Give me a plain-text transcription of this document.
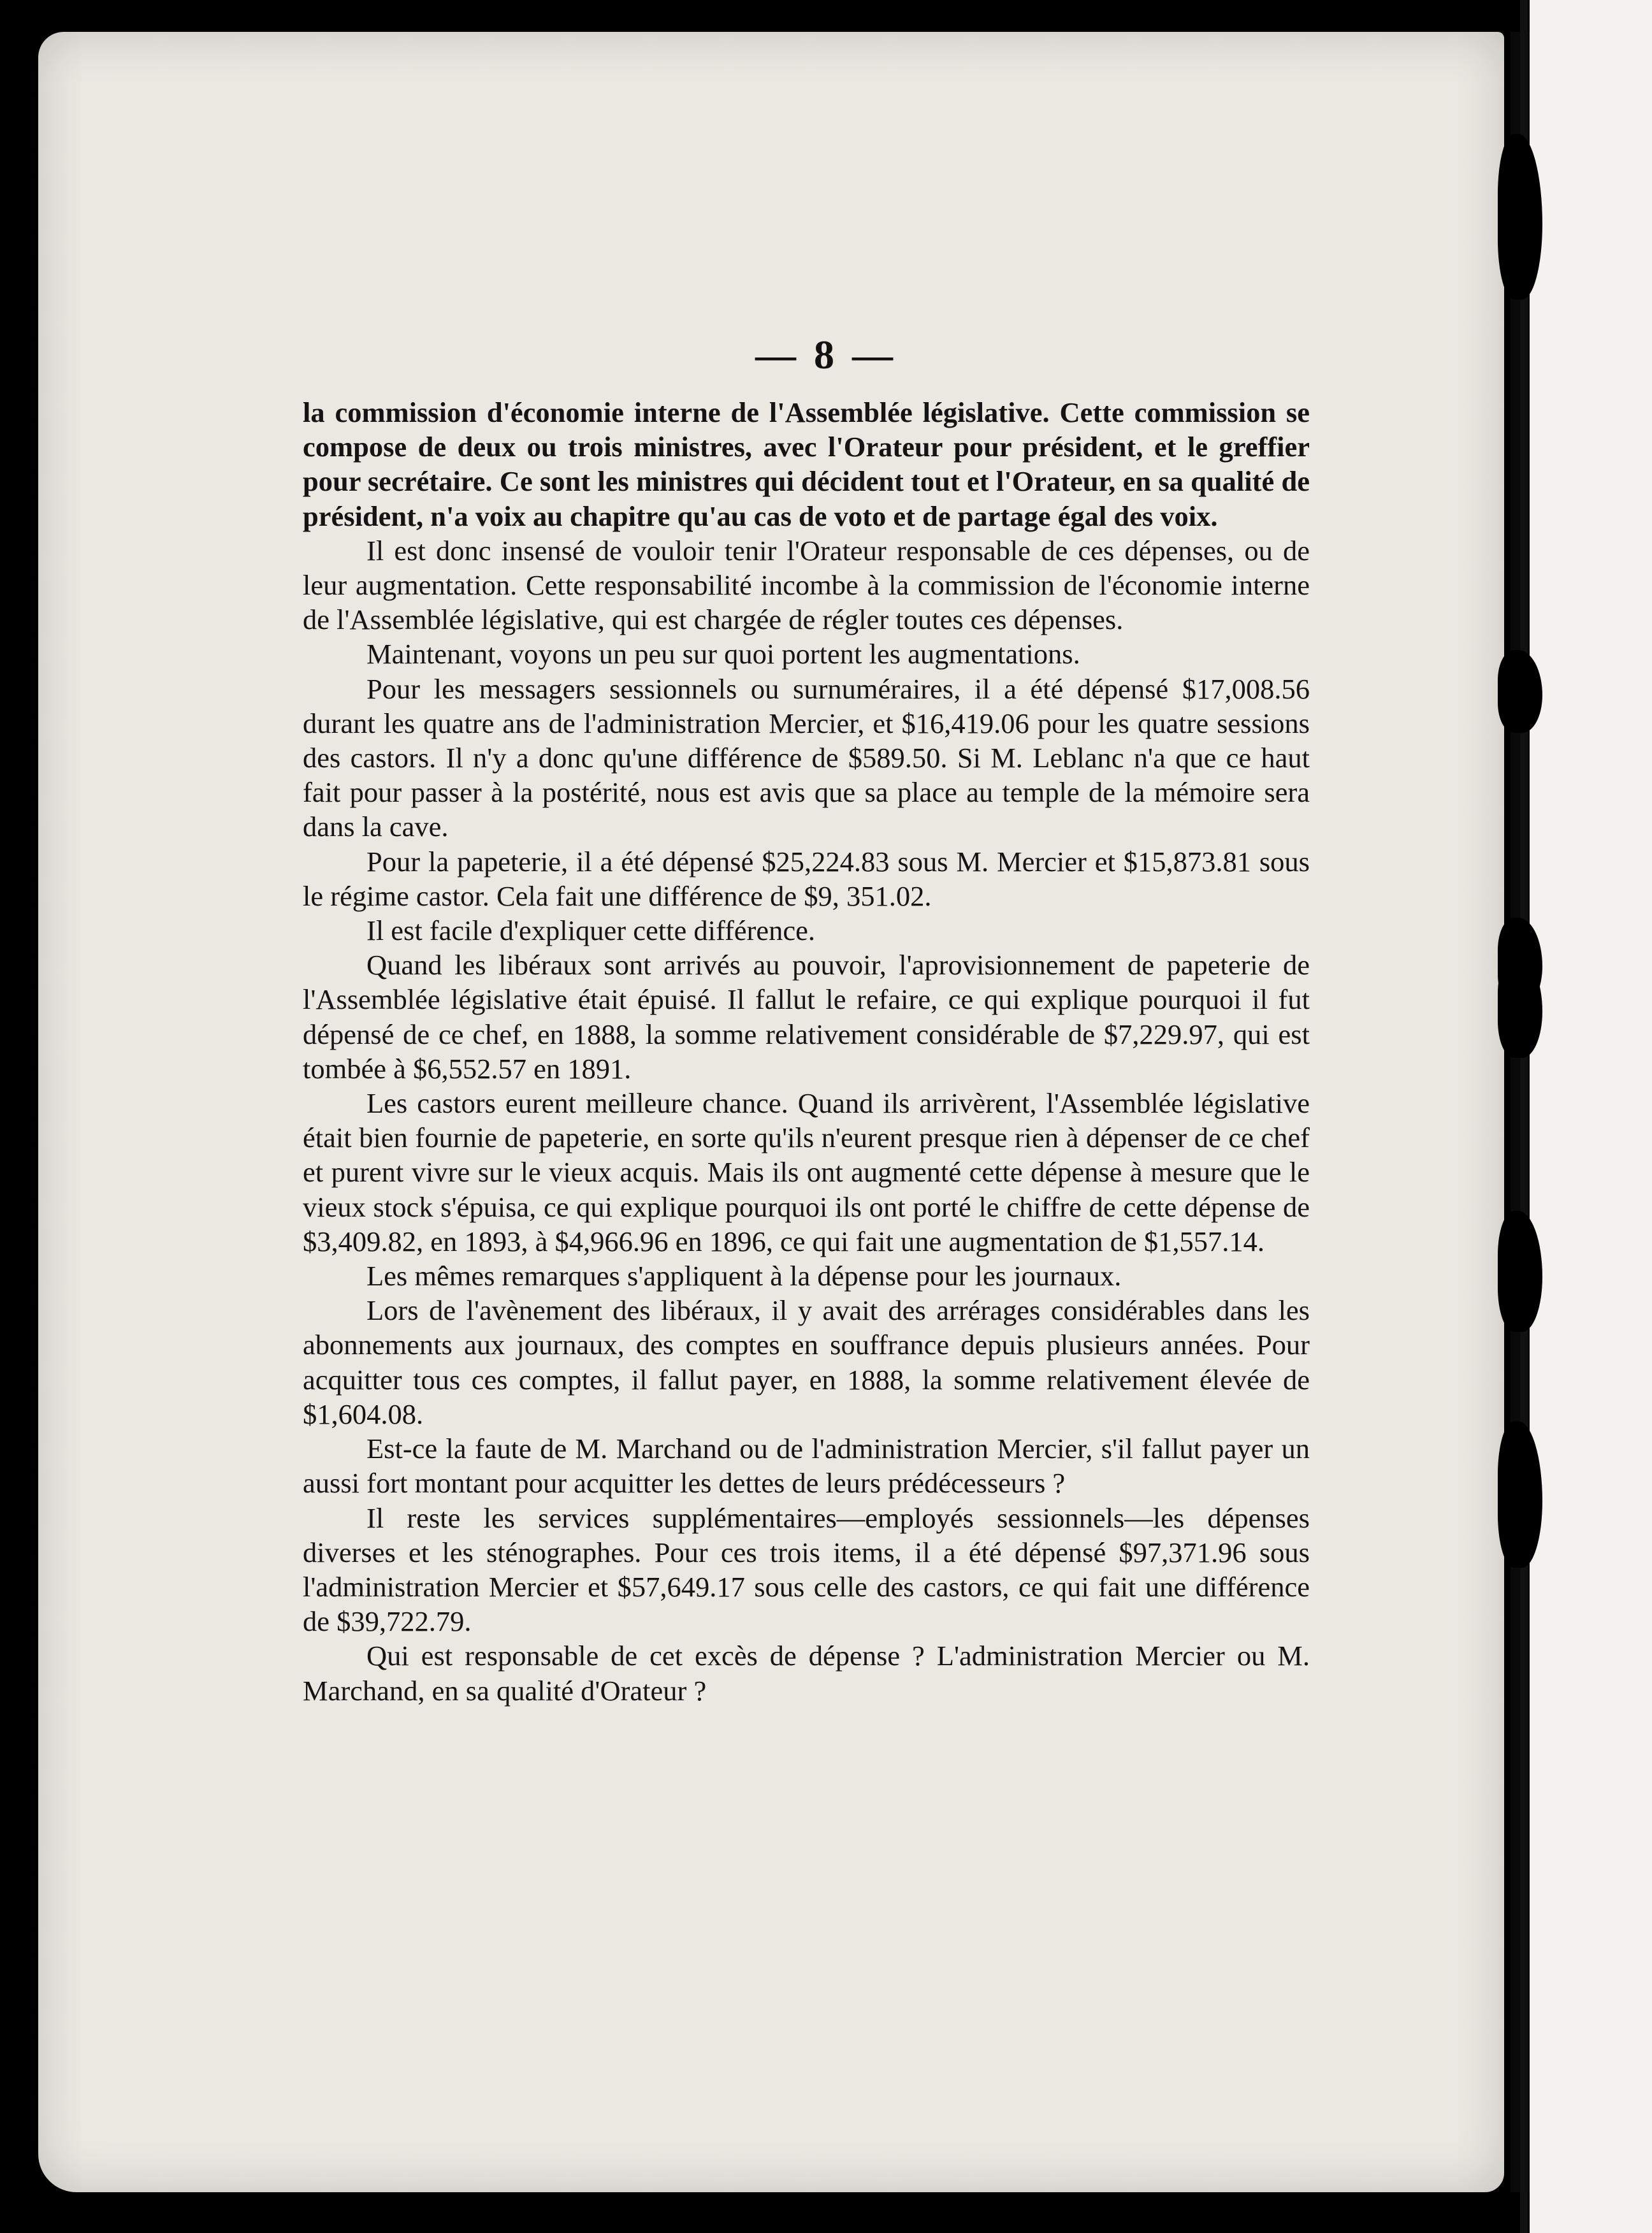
— 8 —

la commission d'économie interne de l'Assemblée législative. Cette commission se compose de deux ou trois ministres, avec l'Orateur pour président, et le greffier pour secrétaire. Ce sont les ministres qui décident tout et l'Orateur, en sa qualité de président, n'a voix au chapitre qu'au cas de voto et de partage égal des voix.

Il est donc insensé de vouloir tenir l'Orateur responsable de ces dépenses, ou de leur augmentation. Cette responsabilité incombe à la commission de l'économie interne de l'Assemblée législative, qui est chargée de régler toutes ces dépenses.

Maintenant, voyons un peu sur quoi portent les augmentations.

Pour les messagers sessionnels ou surnuméraires, il a été dépensé $17,008.56 durant les quatre ans de l'administration Mercier, et $16,419.06 pour les quatre sessions des castors. Il n'y a donc qu'une différence de $589.50. Si M. Leblanc n'a que ce haut fait pour passer à la postérité, nous est avis que sa place au temple de la mémoire sera dans la cave.

Pour la papeterie, il a été dépensé $25,224.83 sous M. Mercier et $15,873.81 sous le régime castor. Cela fait une différence de $9, 351.02.

Il est facile d'expliquer cette différence.

Quand les libéraux sont arrivés au pouvoir, l'aprovisionnement de papeterie de l'Assemblée législative était épuisé. Il fallut le refaire, ce qui explique pourquoi il fut dépensé de ce chef, en 1888, la somme relativement considérable de $7,229.97, qui est tombée à $6,552.57 en 1891.

Les castors eurent meilleure chance. Quand ils arrivèrent, l'Assemblée législative était bien fournie de papeterie, en sorte qu'ils n'eurent presque rien à dépenser de ce chef et purent vivre sur le vieux acquis. Mais ils ont augmenté cette dépense à mesure que le vieux stock s'épuisa, ce qui explique pourquoi ils ont porté le chiffre de cette dépense de $3,409.82, en 1893, à $4,966.96 en 1896, ce qui fait une augmentation de $1,557.14.

Les mêmes remarques s'appliquent à la dépense pour les journaux.

Lors de l'avènement des libéraux, il y avait des arrérages considérables dans les abonnements aux journaux, des comptes en souffrance depuis plusieurs années. Pour acquitter tous ces comptes, il fallut payer, en 1888, la somme relativement élevée de $1,604.08.

Est-ce la faute de M. Marchand ou de l'administration Mercier, s'il fallut payer un aussi fort montant pour acquitter les dettes de leurs prédécesseurs ?

Il reste les services supplémentaires—employés sessionnels—les dépenses diverses et les sténographes. Pour ces trois items, il a été dépensé $97,371.96 sous l'administration Mercier et $57,649.17 sous celle des castors, ce qui fait une différence de $39,722.79.

Qui est responsable de cet excès de dépense ? L'administration Mercier ou M. Marchand, en sa qualité d'Orateur ?
